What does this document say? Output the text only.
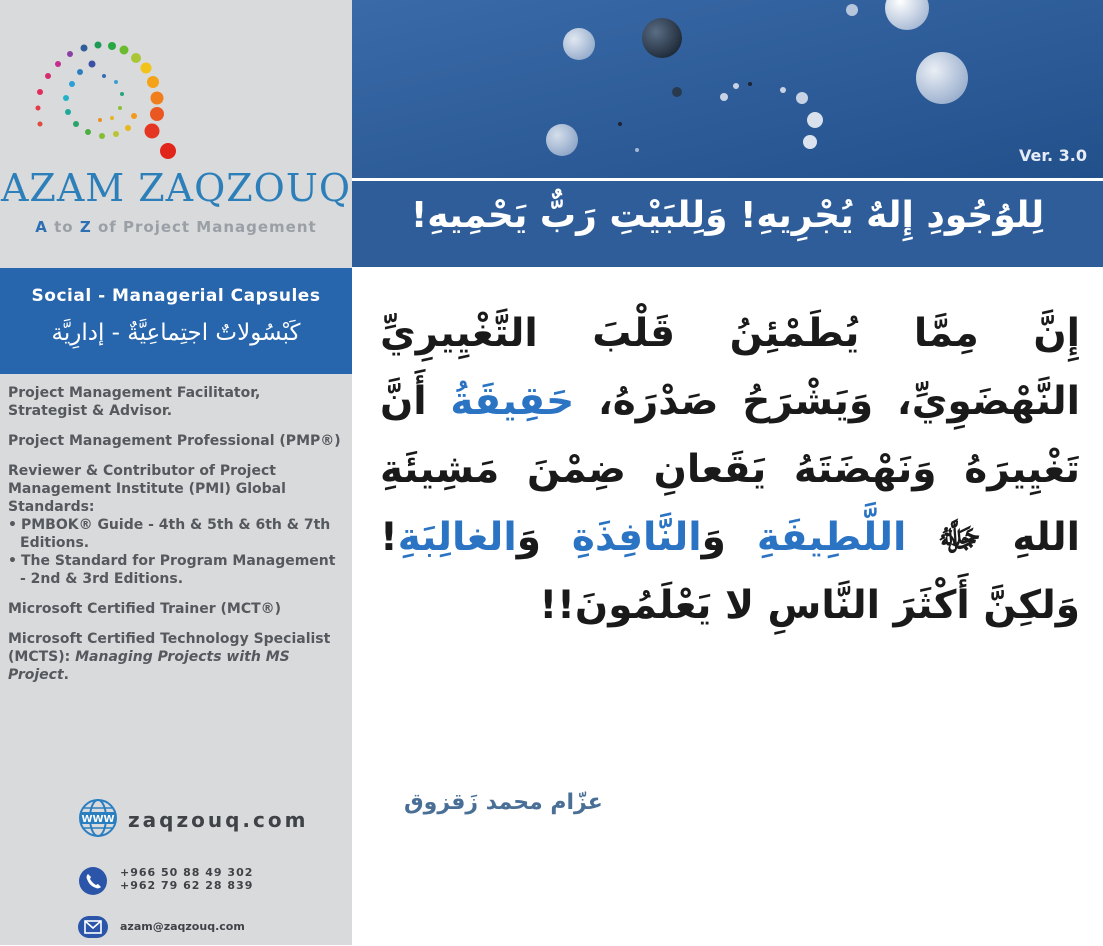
AZAM ZAQZOUQ
A to Z of Project Management
Social - Managerial Capsules
كَبْسُولاتٌ اجتِماعِيَّةٌ - إدارِيَّة
Project Management Facilitator, Strategist & Advisor.
Project Management Professional (PMP®)
Reviewer & Contributor of Project Management Institute (PMI) Global Standards:
• PMBOK® Guide - 4th & 5th & 6th & 7th Editions.
• The Standard for Program Management - 2nd & 3rd Editions.
Microsoft Certified Trainer (MCT®)
Microsoft Certified Technology Specialist (MCTS): Managing Projects with MS Project.
WWW zaqzouq.com
+966 50 88 49 302
+962 79 62 28 839
azam@zaqzouq.com
Ver. 3.0
لِلوُجُودِ إِلهٌ يُجْرِيهِ! وَلِلبَيْتِ رَبٌّ يَحْمِيهِ!
إِنَّ مِمَّا يُطَمْئِنُ قَلْبَ التَّغْيِيرِيِّ النَّهْضَوِيِّ، وَيَشْرَحُ صَدْرَهُ، حَقِيقَةُ أَنَّ تَغْيِيرَهُ وَنَهْضَتَهُ يَقَعانِ ضِمْنَ مَشِيئَةِ اللهِ ﷻ اللَّطِيفَةِ وَالنَّافِذَةِ وَالغالِبَةِ! وَلكِنَّ أَكْثَرَ النَّاسِ لا يَعْلَمُونَ!!
عزّام محمد زَقزوق
